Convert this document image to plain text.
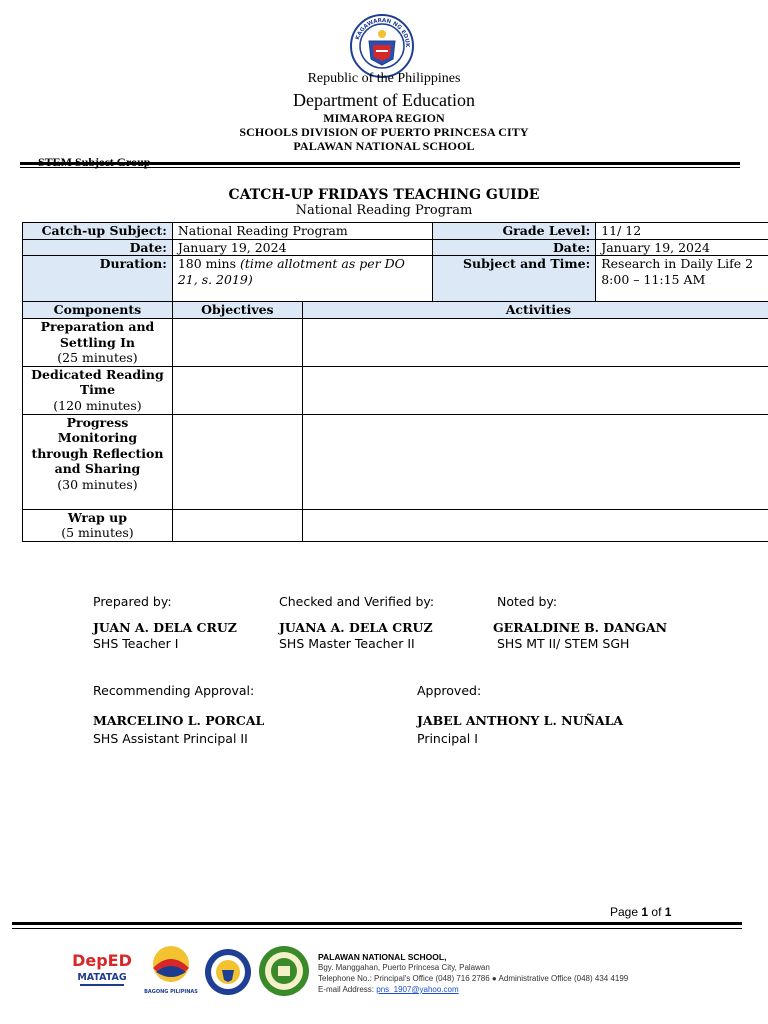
KAGAWARAN NG EDUK
Republic of the Philippines
Department of Education
MIMAROPA REGION
SCHOOLS DIVISION OF PUERTO PRINCESA CITY
PALAWAN NATIONAL SCHOOL
CATCH-UP FRIDAYS TEACHING GUIDE
National Reading Program
Catch-up Subject:	National Reading Program	Grade Level:	11/ 12
Date:	January 19, 2024	Date:	January 19, 2024
Duration:	180 mins (time allotment as per DO 21, s. 2019)	Subject and Time:	Research in Daily Life 2
8:00 – 11:15 AM
Components	Objectives	Activities

Preparation and Settling In
(25 minutes)		

Dedicated Reading Time
(120 minutes)		

Progress Monitoring through Reflection and Sharing
(30 minutes)		

Wrap up
(5 minutes)		

Prepared by:
JUAN A. DELA CRUZ
SHS Teacher I
Checked and Verified by:
JUANA A. DELA CRUZ
SHS Master Teacher II
Noted by:
GERALDINE B. DANGAN
SHS MT II/ STEM SGH
Recommending Approval:
MARCELINO L. PORCAL
SHS Assistant Principal II
Approved:
JABEL ANTHONY L. NUÑALA
Principal I
Page 1 of 1
DepED
MATATAG
BAGONG PILIPINAS
PALAWAN NATIONAL SCHOOL,
Bgy. Manggahan, Puerto Princesa City, Palawan
Telephone No.: Principal's Office (048) 716 2786 ● Administrative Office (048) 434 4199
E-mail Address: pns_1907@yahoo.com
